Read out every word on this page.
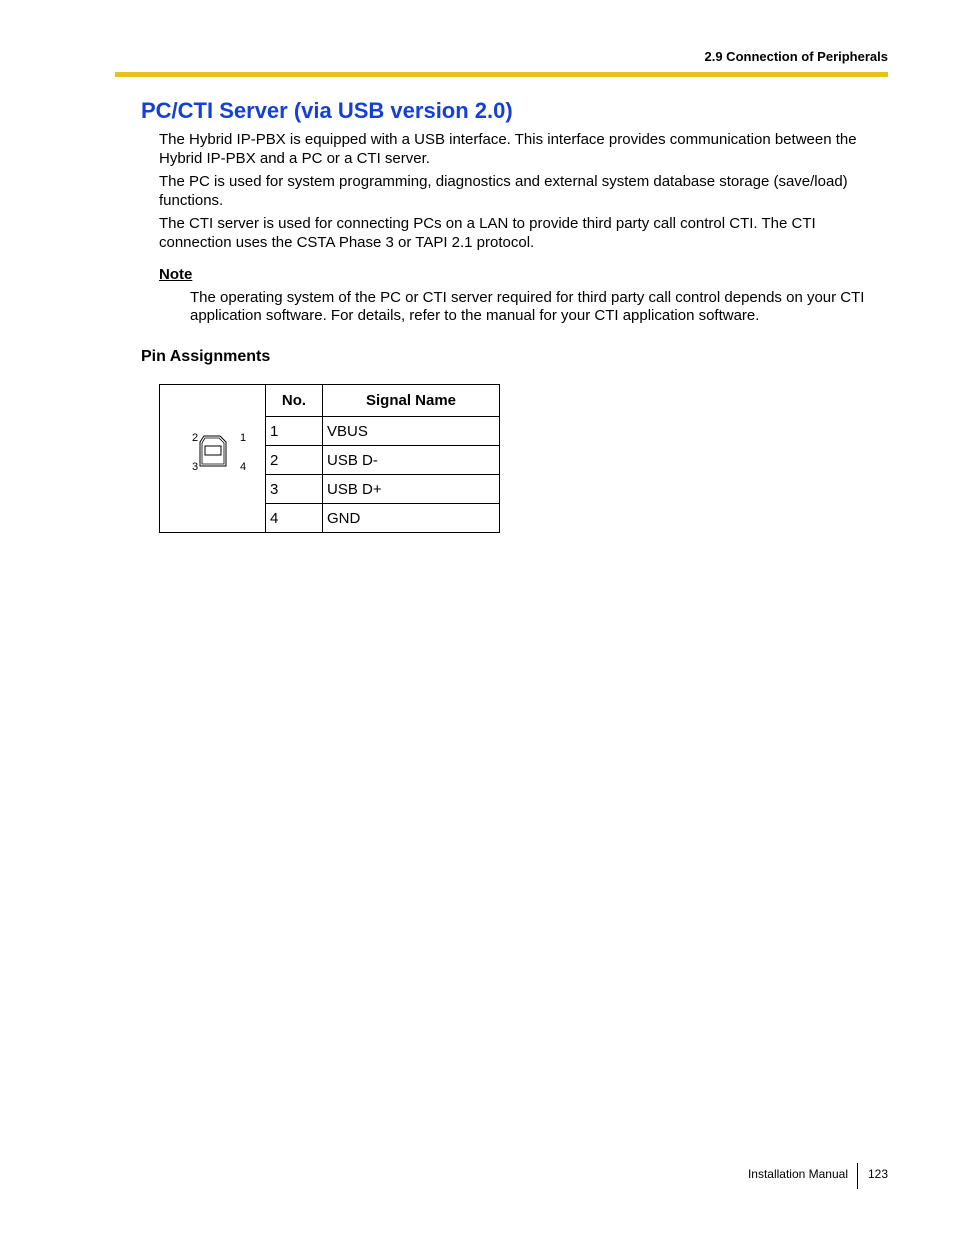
2.9 Connection of Peripherals
PC/CTI Server (via USB version 2.0)

The Hybrid IP-PBX is equipped with a USB interface. This interface provides communication between the Hybrid IP-PBX and a PC or a CTI server.

The PC is used for system programming, diagnostics and external system database storage (save/load) functions.

The CTI server is used for connecting PCs on a LAN to provide third party call control CTI. The CTI connection uses the CSTA Phase 3 or TAPI 2.1 protocol.

Note

The operating system of the PC or CTI server required for third party call control depends on your CTI application software. For details, refer to the manual for your CTI application software.

Pin Assignments
2 1
3 4	No.	Signal Name
	1	VBUS
	2	USB D-
	3	USB D+
	4	GND
Installation Manual 123
